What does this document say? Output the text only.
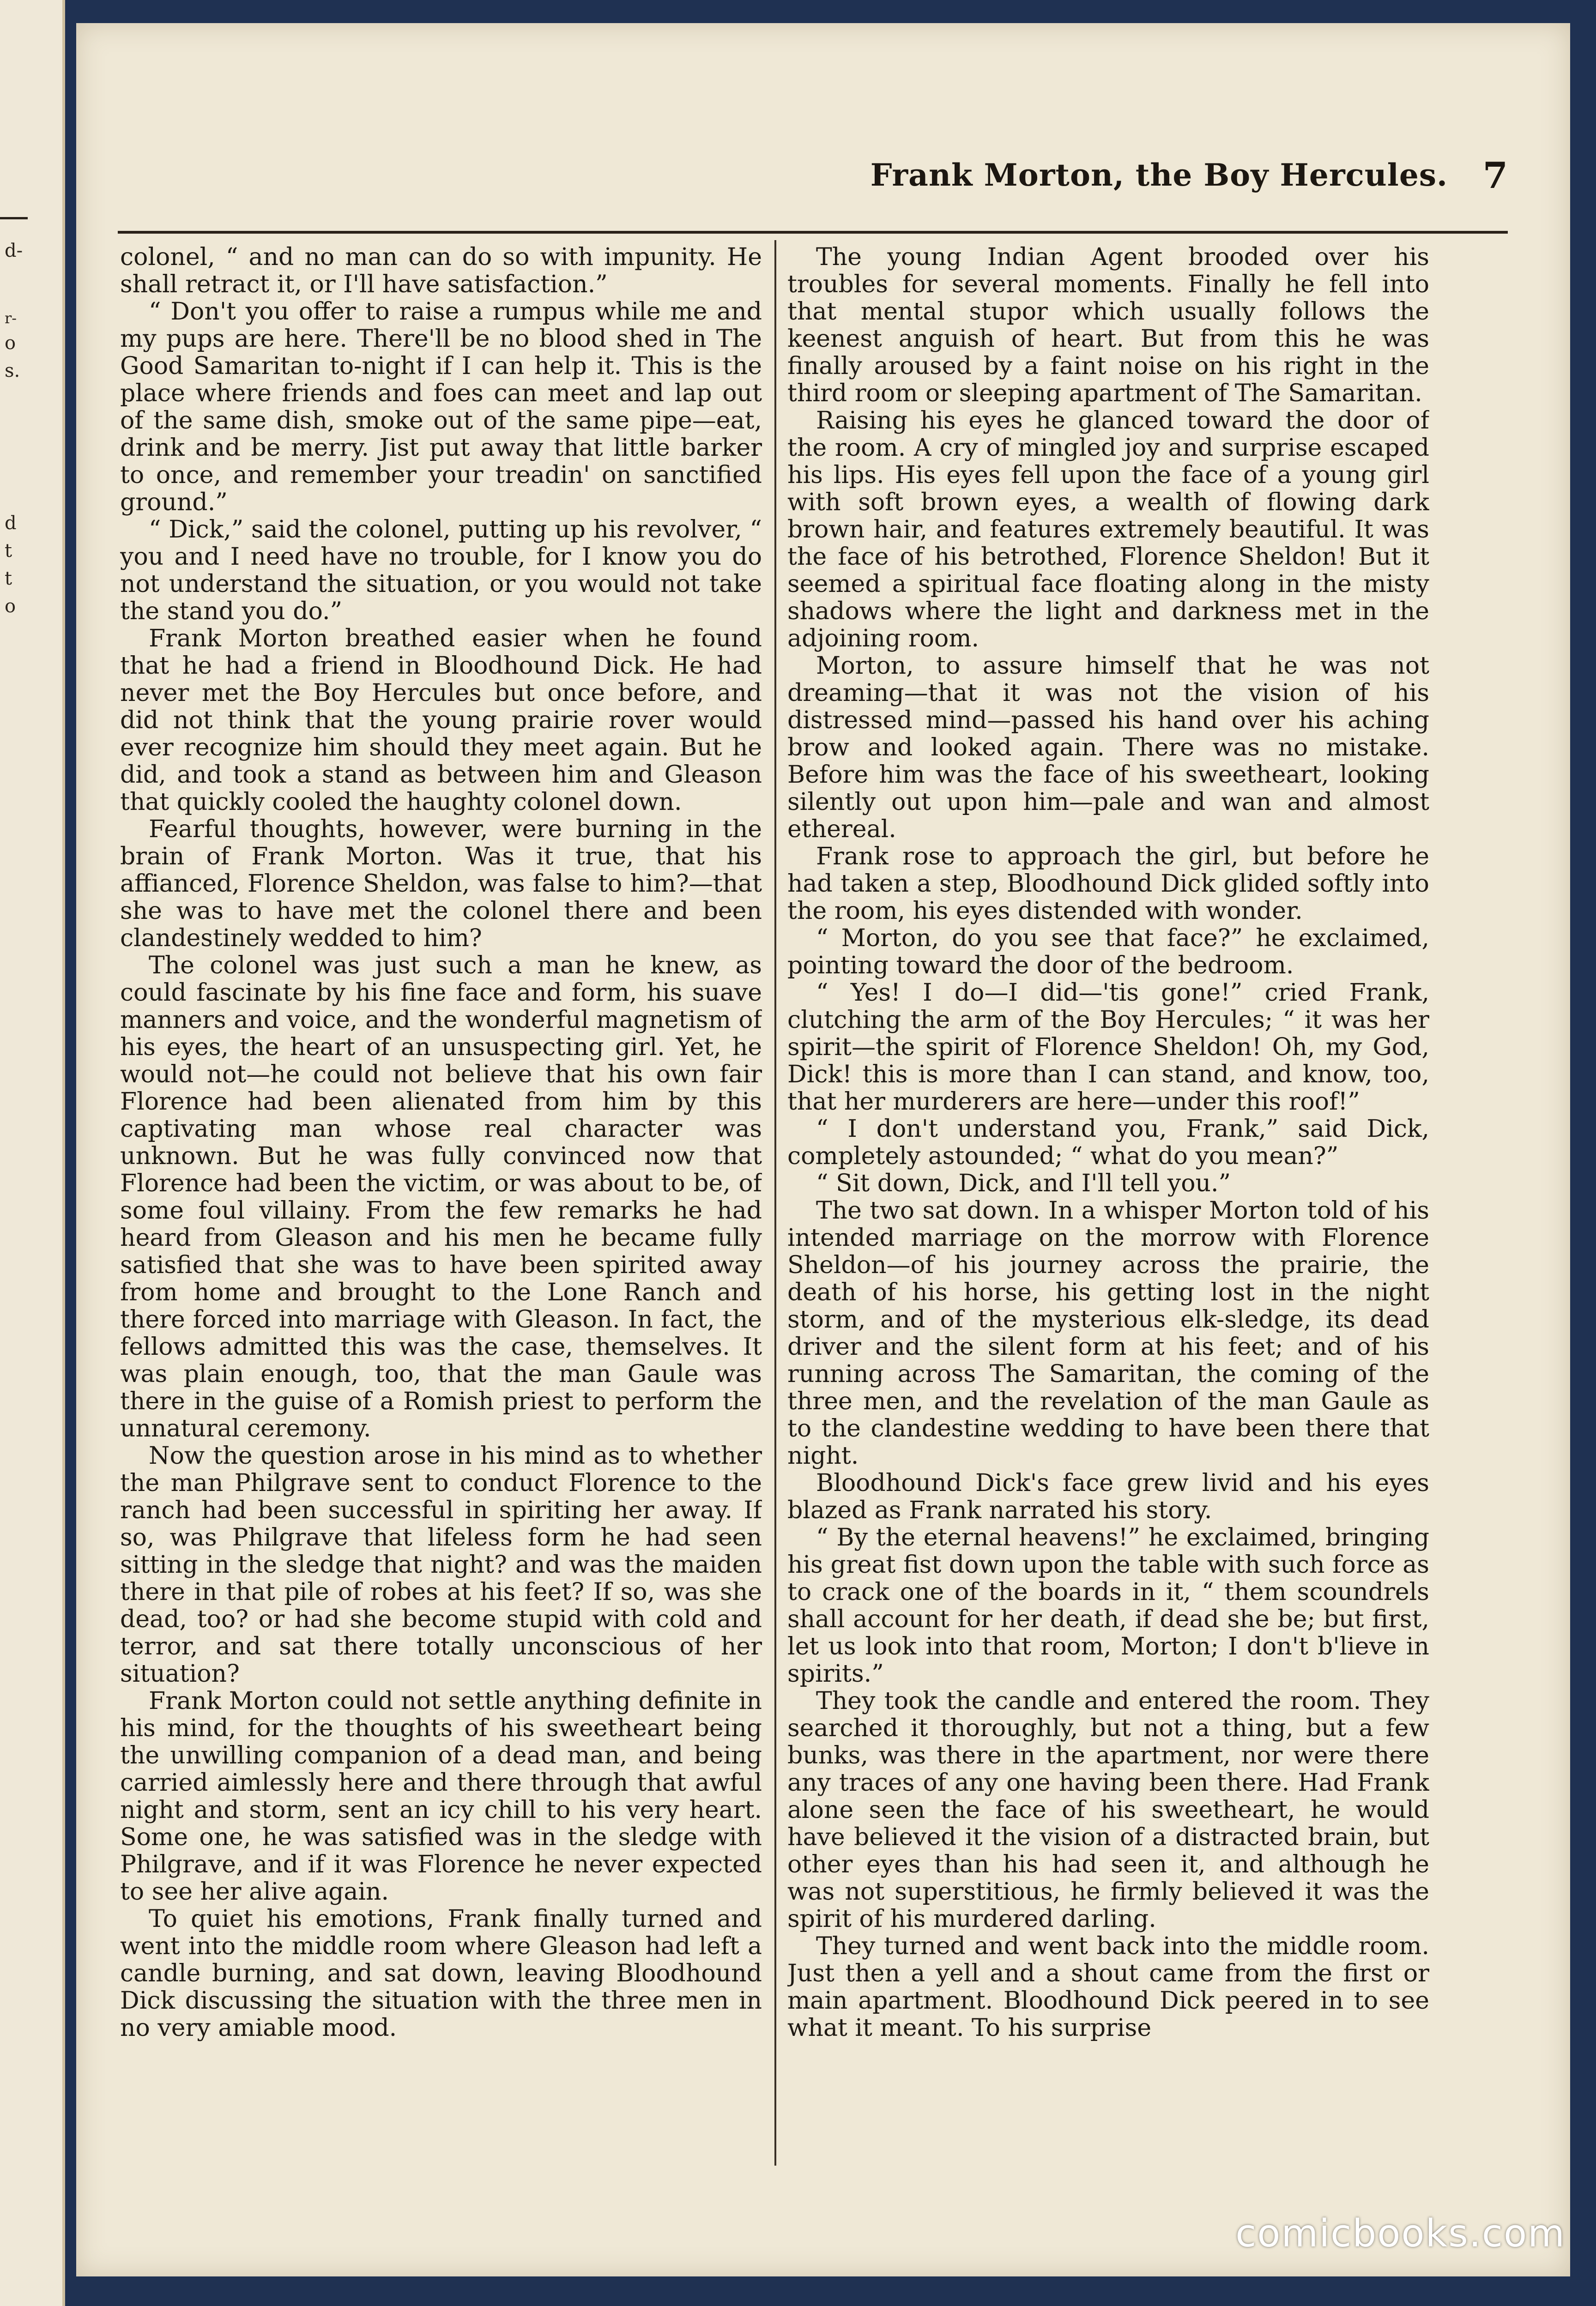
d-
r-
o
s.
d
t
t
o
Frank Morton, the Boy Hercules. 7

colonel, “ and no man can do so with impunity. He shall retract it, or I'll have satisfaction.”

“ Don't you offer to raise a rumpus while me and my pups are here. There'll be no blood shed in The Good Samaritan to-night if I can help it. This is the place where friends and foes can meet and lap out of the same dish, smoke out of the same pipe—eat, drink and be merry. Jist put away that little barker to once, and remember your treadin' on sanctified ground.”

“ Dick,” said the colonel, putting up his revolver, “ you and I need have no trouble, for I know you do not understand the situation, or you would not take the stand you do.”

Frank Morton breathed easier when he found that he had a friend in Bloodhound Dick. He had never met the Boy Hercules but once before, and did not think that the young prairie rover would ever recognize him should they meet again. But he did, and took a stand as between him and Gleason that quickly cooled the haughty colonel down.

Fearful thoughts, however, were burning in the brain of Frank Morton. Was it true, that his affianced, Florence Sheldon, was false to him?—that she was to have met the colonel there and been clandestinely wedded to him?

The colonel was just such a man he knew, as could fascinate by his fine face and form, his suave manners and voice, and the wonderful magnetism of his eyes, the heart of an unsuspecting girl. Yet, he would not—he could not believe that his own fair Florence had been alienated from him by this captivating man whose real character was unknown. But he was fully convinced now that Florence had been the victim, or was about to be, of some foul villainy. From the few remarks he had heard from Gleason and his men he became fully satisfied that she was to have been spirited away from home and brought to the Lone Ranch and there forced into marriage with Gleason. In fact, the fellows admitted this was the case, themselves. It was plain enough, too, that the man Gaule was there in the guise of a Romish priest to perform the unnatural ceremony.

Now the question arose in his mind as to whether the man Philgrave sent to conduct Florence to the ranch had been successful in spiriting her away. If so, was Philgrave that lifeless form he had seen sitting in the sledge that night? and was the maiden there in that pile of robes at his feet? If so, was she dead, too? or had she become stupid with cold and terror, and sat there totally unconscious of her situation?

Frank Morton could not settle anything definite in his mind, for the thoughts of his sweetheart being the unwilling companion of a dead man, and being carried aimlessly here and there through that awful night and storm, sent an icy chill to his very heart. Some one, he was satisfied was in the sledge with Philgrave, and if it was Florence he never expected to see her alive again.

To quiet his emotions, Frank finally turned and went into the middle room where Gleason had left a candle burning, and sat down, leaving Bloodhound Dick discussing the situation with the three men in no very amiable mood.

The young Indian Agent brooded over his troubles for several moments. Finally he fell into that mental stupor which usually follows the keenest anguish of heart. But from this he was finally aroused by a faint noise on his right in the third room or sleeping apartment of The Samaritan.

Raising his eyes he glanced toward the door of the room. A cry of mingled joy and surprise escaped his lips. His eyes fell upon the face of a young girl with soft brown eyes, a wealth of flowing dark brown hair, and features extremely beautiful. It was the face of his betrothed, Florence Sheldon! But it seemed a spiritual face floating along in the misty shadows where the light and darkness met in the adjoining room.

Morton, to assure himself that he was not dreaming—that it was not the vision of his distressed mind—passed his hand over his aching brow and looked again. There was no mistake. Before him was the face of his sweetheart, looking silently out upon him—pale and wan and almost ethereal.

Frank rose to approach the girl, but before he had taken a step, Bloodhound Dick glided softly into the room, his eyes distended with wonder.

“ Morton, do you see that face?” he exclaimed, pointing toward the door of the bedroom.

“ Yes! I do—I did—'tis gone!” cried Frank, clutching the arm of the Boy Hercules; “ it was her spirit—the spirit of Florence Sheldon! Oh, my God, Dick! this is more than I can stand, and know, too, that her murderers are here—under this roof!”

“ I don't understand you, Frank,” said Dick, completely astounded; “ what do you mean?”

“ Sit down, Dick, and I'll tell you.”

The two sat down. In a whisper Morton told of his intended marriage on the morrow with Florence Sheldon—of his journey across the prairie, the death of his horse, his getting lost in the night storm, and of the mysterious elk-sledge, its dead driver and the silent form at his feet; and of his running across The Samaritan, the coming of the three men, and the revelation of the man Gaule as to the clandestine wedding to have been there that night.

Bloodhound Dick's face grew livid and his eyes blazed as Frank narrated his story.

“ By the eternal heavens!” he exclaimed, bringing his great fist down upon the table with such force as to crack one of the boards in it, “ them scoundrels shall account for her death, if dead she be; but first, let us look into that room, Morton; I don't b'lieve in spirits.”

They took the candle and entered the room. They searched it thoroughly, but not a thing, but a few bunks, was there in the apartment, nor were there any traces of any one having been there. Had Frank alone seen the face of his sweetheart, he would have believed it the vision of a distracted brain, but other eyes than his had seen it, and although he was not superstitious, he firmly believed it was the spirit of his murdered darling.

They turned and went back into the middle room. Just then a yell and a shout came from the first or main apartment. Bloodhound Dick peered in to see what it meant. To his surprise

comicbooks.com
